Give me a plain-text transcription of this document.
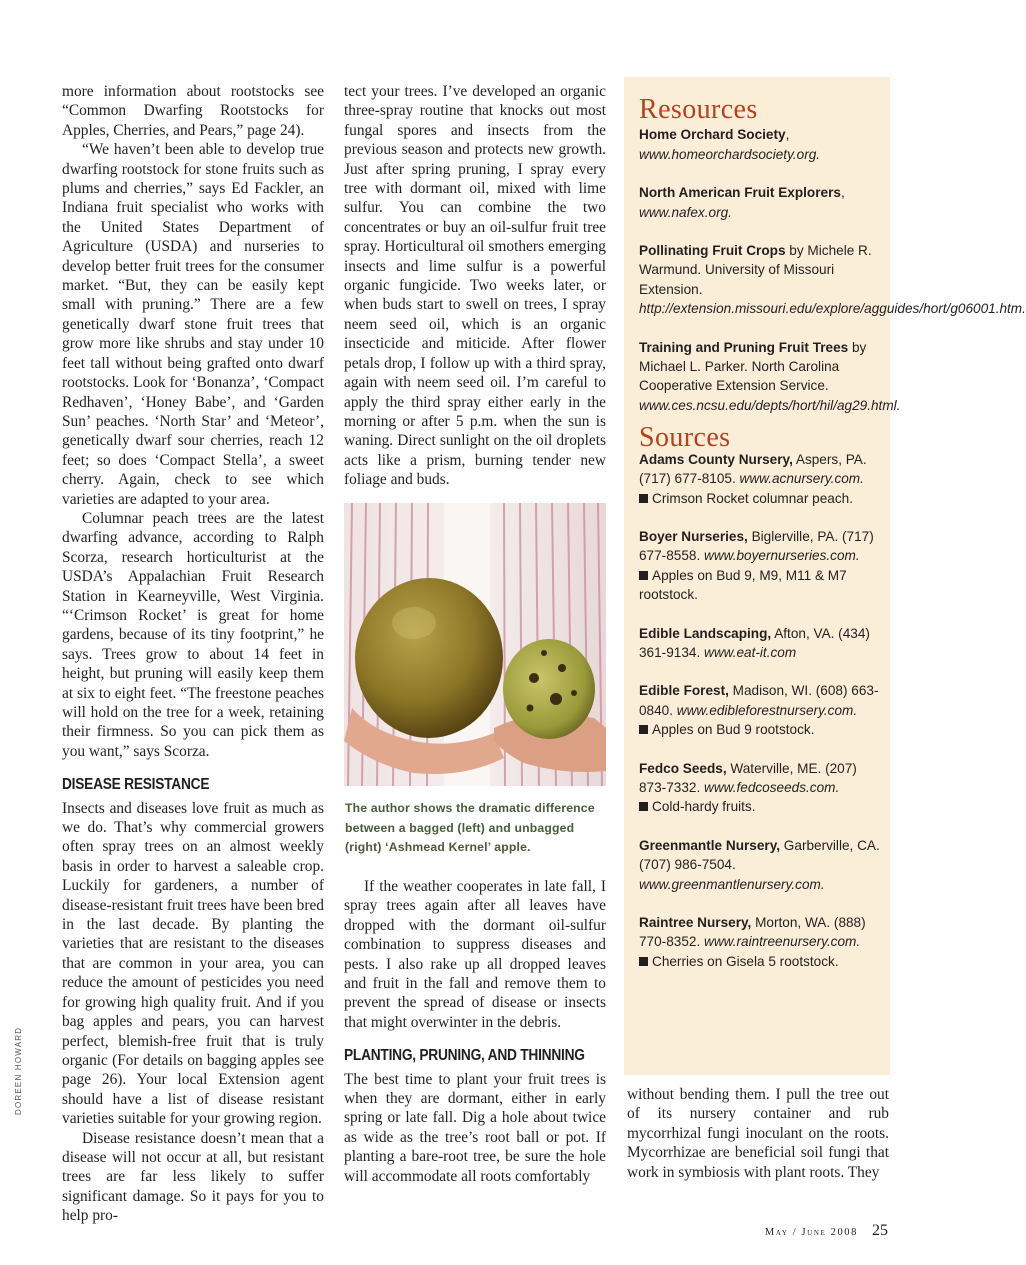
more information about rootstocks see “Common Dwarfing Rootstocks for Apples, Cherries, and Pears,” page 24).

“We haven’t been able to develop true dwarfing rootstock for stone fruits such as plums and cherries,” says Ed Fackler, an Indiana fruit specialist who works with the United States Department of Agriculture (USDA) and nurseries to develop better fruit trees for the consumer market. “But, they can be easily kept small with pruning.” There are a few genetically dwarf stone fruit trees that grow more like shrubs and stay under 10 feet tall without being grafted onto dwarf rootstocks. Look for ‘Bonanza’, ‘Compact Redhaven’, ‘Honey Babe’, and ‘Garden Sun’ peaches. ‘North Star’ and ‘Meteor’, genetically dwarf sour cherries, reach 12 feet; so does ‘Compact Stella’, a sweet cherry. Again, check to see which varieties are adapted to your area.

Columnar peach trees are the latest dwarfing advance, according to Ralph Scorza, research horticulturist at the USDA’s Appalachian Fruit Research Station in Kearneyville, West Virginia. “‘Crimson Rocket’ is great for home gardens, because of its tiny footprint,” he says. Trees grow to about 14 feet in height, but pruning will easily keep them at six to eight feet. “The freestone peaches will hold on the tree for a week, retaining their firmness. So you can pick them as you want,” says Scorza.

DISEASE RESISTANCE

Insects and diseases love fruit as much as we do. That’s why commercial growers often spray trees on an almost weekly basis in order to harvest a saleable crop. Luckily for gardeners, a number of disease-resistant fruit trees have been bred in the last decade. By planting the varieties that are resistant to the diseases that are common in your area, you can reduce the amount of pesticides you need for growing high quality fruit. And if you bag apples and pears, you can harvest perfect, blemish-free fruit that is truly organic (For details on bagging apples see page 26). Your local Extension agent should have a list of disease resistant varieties suitable for your growing region.

Disease resistance doesn’t mean that a disease will not occur at all, but resistant trees are far less likely to suffer significant damage. So it pays for you to help pro-

tect your trees. I’ve developed an organic three-spray routine that knocks out most fungal spores and insects from the previous season and protects new growth. Just after spring pruning, I spray every tree with dormant oil, mixed with lime sulfur. You can combine the two concentrates or buy an oil-sulfur fruit tree spray. Horticultural oil smothers emerging insects and lime sulfur is a powerful organic fungicide. Two weeks later, or when buds start to swell on trees, I spray neem seed oil, which is an organic insecticide and miticide. After flower petals drop, I follow up with a third spray, again with neem seed oil. I’m careful to apply the third spray either early in the morning or after 5 p.m. when the sun is waning. Direct sunlight on the oil droplets acts like a prism, burning tender new foliage and buds.

The author shows the dramatic difference between a bagged (left) and unbagged (right) ‘Ashmead Kernel’ apple.

If the weather cooperates in late fall, I spray trees again after all leaves have dropped with the dormant oil-sulfur combination to suppress diseases and pests. I also rake up all dropped leaves and fruit in the fall and remove them to prevent the spread of disease or insects that might overwinter in the debris.

PLANTING, PRUNING, AND THINNING

The best time to plant your fruit trees is when they are dormant, either in early spring or late fall. Dig a hole about twice as wide as the tree’s root ball or pot. If planting a bare-root tree, be sure the hole will accommodate all roots comfortably

Resources
Home Orchard Society, www.homeorchardsociety.org.
North American Fruit Explorers, www.nafex.org.
Pollinating Fruit Crops by Michele R. Warmund. University of Missouri Extension. http://extension.missouri.edu/explore/agguides/hort/g06001.htm.
Training and Pruning Fruit Trees by Michael L. Parker. North Carolina Cooperative Extension Service. www.ces.ncsu.edu/depts/hort/hil/ag29.html.
Sources
Adams County Nursery, Aspers, PA. (717) 677-8105. www.acnursery.com.
Crimson Rocket columnar peach.
Boyer Nurseries, Biglerville, PA. (717) 677-8558. www.boyernurseries.com.
Apples on Bud 9, M9, M11 & M7 rootstock.
Edible Landscaping, Afton, VA. (434) 361-9134. www.eat-it.com
Edible Forest, Madison, WI. (608) 663-0840. www.edibleforestnursery.com.
Apples on Bud 9 rootstock.
Fedco Seeds, Waterville, ME. (207) 873-7332. www.fedcoseeds.com.
Cold-hardy fruits.
Greenmantle Nursery, Garberville, CA. (707) 986-7504. www.greenmantlenursery.com.
Raintree Nursery, Morton, WA. (888) 770-8352. www.raintreenursery.com.
Cherries on Gisela 5 rootstock.

without bending them. I pull the tree out of its nursery container and rub mycorrhizal fungi inoculant on the roots. Mycorrhizae are beneficial soil fungi that work in symbiosis with plant roots. They

DOREEN HOWARD
May / June 2008 25
